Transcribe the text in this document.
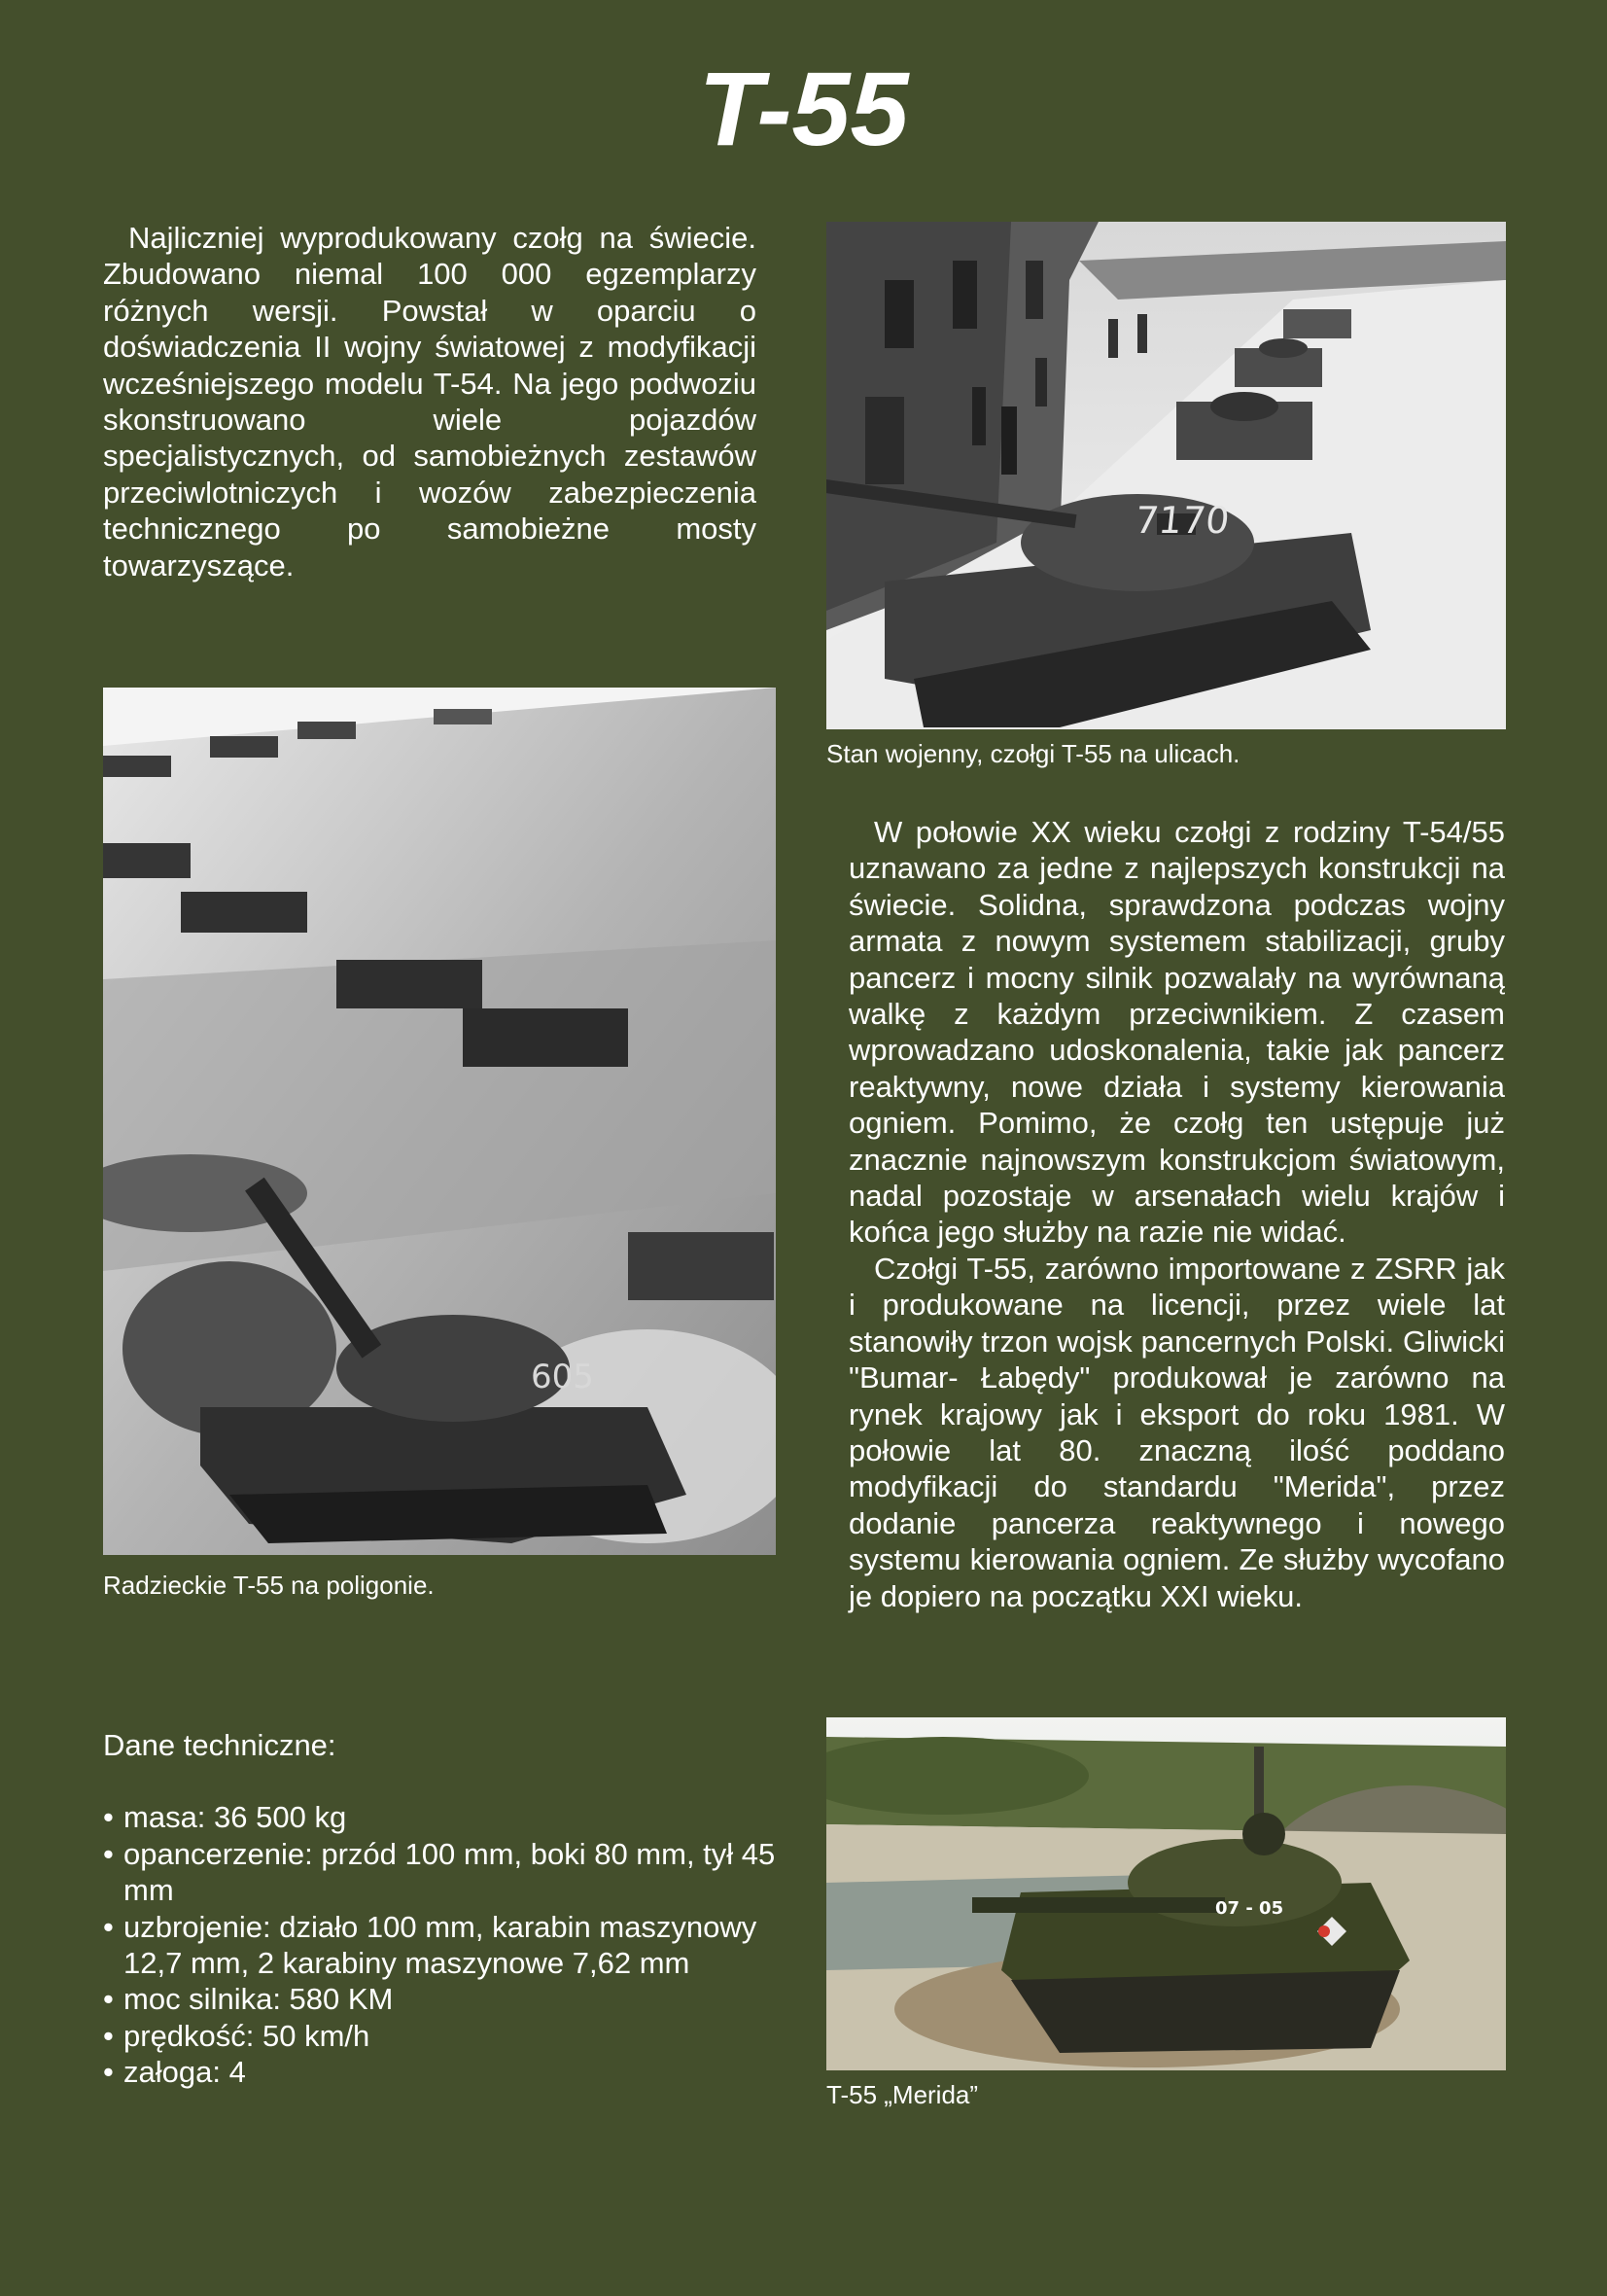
T-55

Najliczniej wyprodukowany czołg na świecie. Zbudowano niemal 100 000 egzemplarzy różnych wersji. Powstał w oparciu o doświadczenia II wojny światowej z modyfikacji wcześniejszego modelu T-54. Na jego podwoziu skonstruowano wiele pojazdów specjalistycznych, od samobieżnych zestawów przeciwlotniczych i wozów zabezpieczenia technicznego po samobieżne mosty towarzyszące.

7170

Stan wojenny, czołgi T-55 na ulicach.

605

Radzieckie T-55 na poligonie.

W połowie XX wieku czołgi z rodziny T-54/55 uznawano za jedne z najlepszych konstrukcji na świecie. Solidna, sprawdzona podczas wojny armata z nowym systemem stabilizacji, gruby pancerz i mocny silnik pozwalały na wyrównaną walkę z każdym przeciwnikiem. Z czasem wprowadzano udoskonalenia, takie jak pancerz reaktywny, nowe działa i systemy kierowania ogniem. Pomimo, że czołg ten ustępuje już znacznie najnowszym konstrukcjom światowym, nadal pozostaje w arsenałach wielu krajów i końca jego służby na razie nie widać.

Czołgi T-55, zarówno importowane z ZSRR jak i produkowane na licencji, przez wiele lat stanowiły trzon wojsk pancernych Polski. Gliwicki "Bumar- Łabędy" produkował je zarówno na rynek krajowy jak i eksport do roku 1981. W połowie lat 80. znaczną ilość poddano modyfikacji do standardu "Merida", przez dodanie pancerza reaktywnego i nowego systemu kierowania ogniem. Ze służby wycofano je dopiero na początku XXI wieku.

Dane techniczne:

• masa: 36 500 kg
• opancerzenie: przód 100 mm, boki 80 mm, tył 45 mm
• uzbrojenie: działo 100 mm, karabin maszynowy 12,7 mm, 2 karabiny maszynowe 7,62 mm
• moc silnika: 580 KM
• prędkość: 50 km/h
• załoga: 4
07 - 05

T-55 „Merida”
